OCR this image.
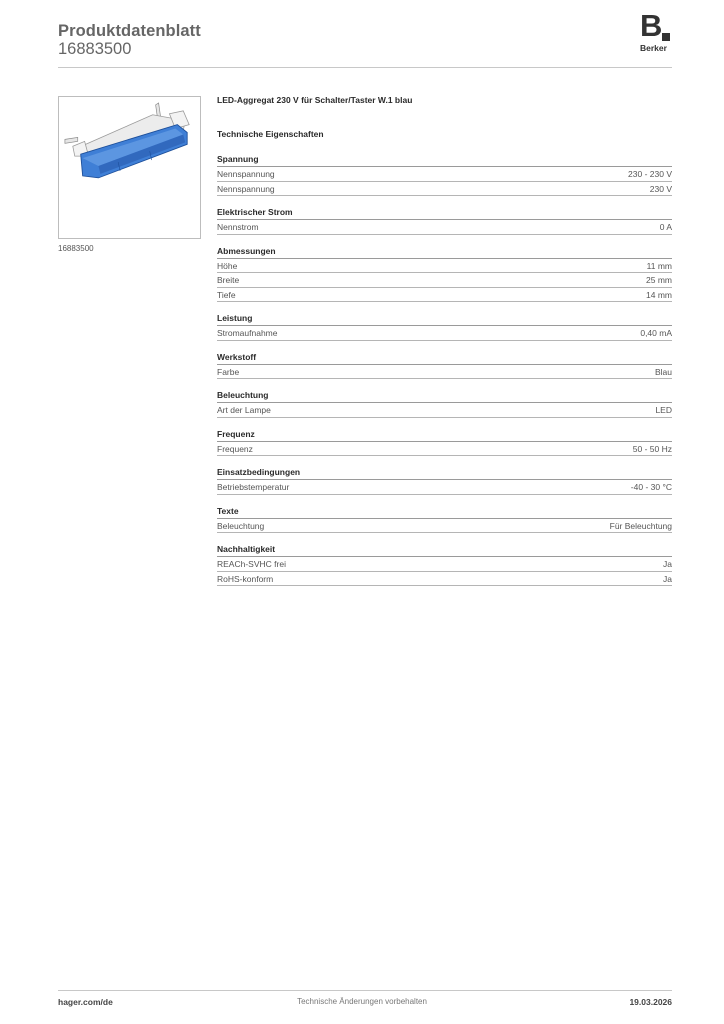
Produktdatenblatt
16883500
B
Berker
16883500
LED-Aggregat 230 V für Schalter/Taster W.1 blau
Technische Eigenschaften
Spannung
Nennspannung	230 - 230 V
Nennspannung	230 V
Elektrischer Strom
Nennstrom	0 A
Abmessungen
Höhe	11 mm
Breite	25 mm
Tiefe	14 mm
Leistung
Stromaufnahme	0,40 mA
Werkstoff
Farbe	Blau
Beleuchtung
Art der Lampe	LED
Frequenz
Frequenz	50 - 50 Hz
Einsatzbedingungen
Betriebstemperatur	-40 - 30 °C
Texte
Beleuchtung	Für Beleuchtung
Nachhaltigkeit
REACh-SVHC frei	Ja
RoHS-konform	Ja
hager.com/de	Technische Änderungen vorbehalten	19.03.2026
